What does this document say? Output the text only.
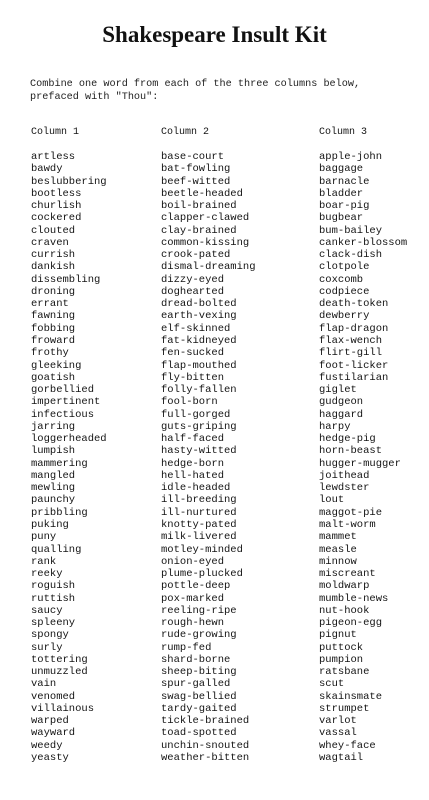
Shakespeare Insult Kit
Combine one word from each of the three columns below,
prefaced with "Thou":
Column 1
artless
bawdy
beslubbering
bootless
churlish
cockered
clouted
craven
currish
dankish
dissembling
droning
errant
fawning
fobbing
froward
frothy
gleeking
goatish
gorbellied
impertinent
infectious
jarring
loggerheaded
lumpish
mammering
mangled
mewling
paunchy
pribbling
puking
puny
qualling
rank
reeky
roguish
ruttish
saucy
spleeny
spongy
surly
tottering
unmuzzled
vain
venomed
villainous
warped
wayward
weedy
yeasty
Column 2
base-court
bat-fowling
beef-witted
beetle-headed
boil-brained
clapper-clawed
clay-brained
common-kissing
crook-pated
dismal-dreaming
dizzy-eyed
doghearted
dread-bolted
earth-vexing
elf-skinned
fat-kidneyed
fen-sucked
flap-mouthed
fly-bitten
folly-fallen
fool-born
full-gorged
guts-griping
half-faced
hasty-witted
hedge-born
hell-hated
idle-headed
ill-breeding
ill-nurtured
knotty-pated
milk-livered
motley-minded
onion-eyed
plume-plucked
pottle-deep
pox-marked
reeling-ripe
rough-hewn
rude-growing
rump-fed
shard-borne
sheep-biting
spur-galled
swag-bellied
tardy-gaited
tickle-brained
toad-spotted
unchin-snouted
weather-bitten
Column 3
apple-john
baggage
barnacle
bladder
boar-pig
bugbear
bum-bailey
canker-blossom
clack-dish
clotpole
coxcomb
codpiece
death-token
dewberry
flap-dragon
flax-wench
flirt-gill
foot-licker
fustilarian
giglet
gudgeon
haggard
harpy
hedge-pig
horn-beast
hugger-mugger
joithead
lewdster
lout
maggot-pie
malt-worm
mammet
measle
minnow
miscreant
moldwarp
mumble-news
nut-hook
pigeon-egg
pignut
puttock
pumpion
ratsbane
scut
skainsmate
strumpet
varlot
vassal
whey-face
wagtail
